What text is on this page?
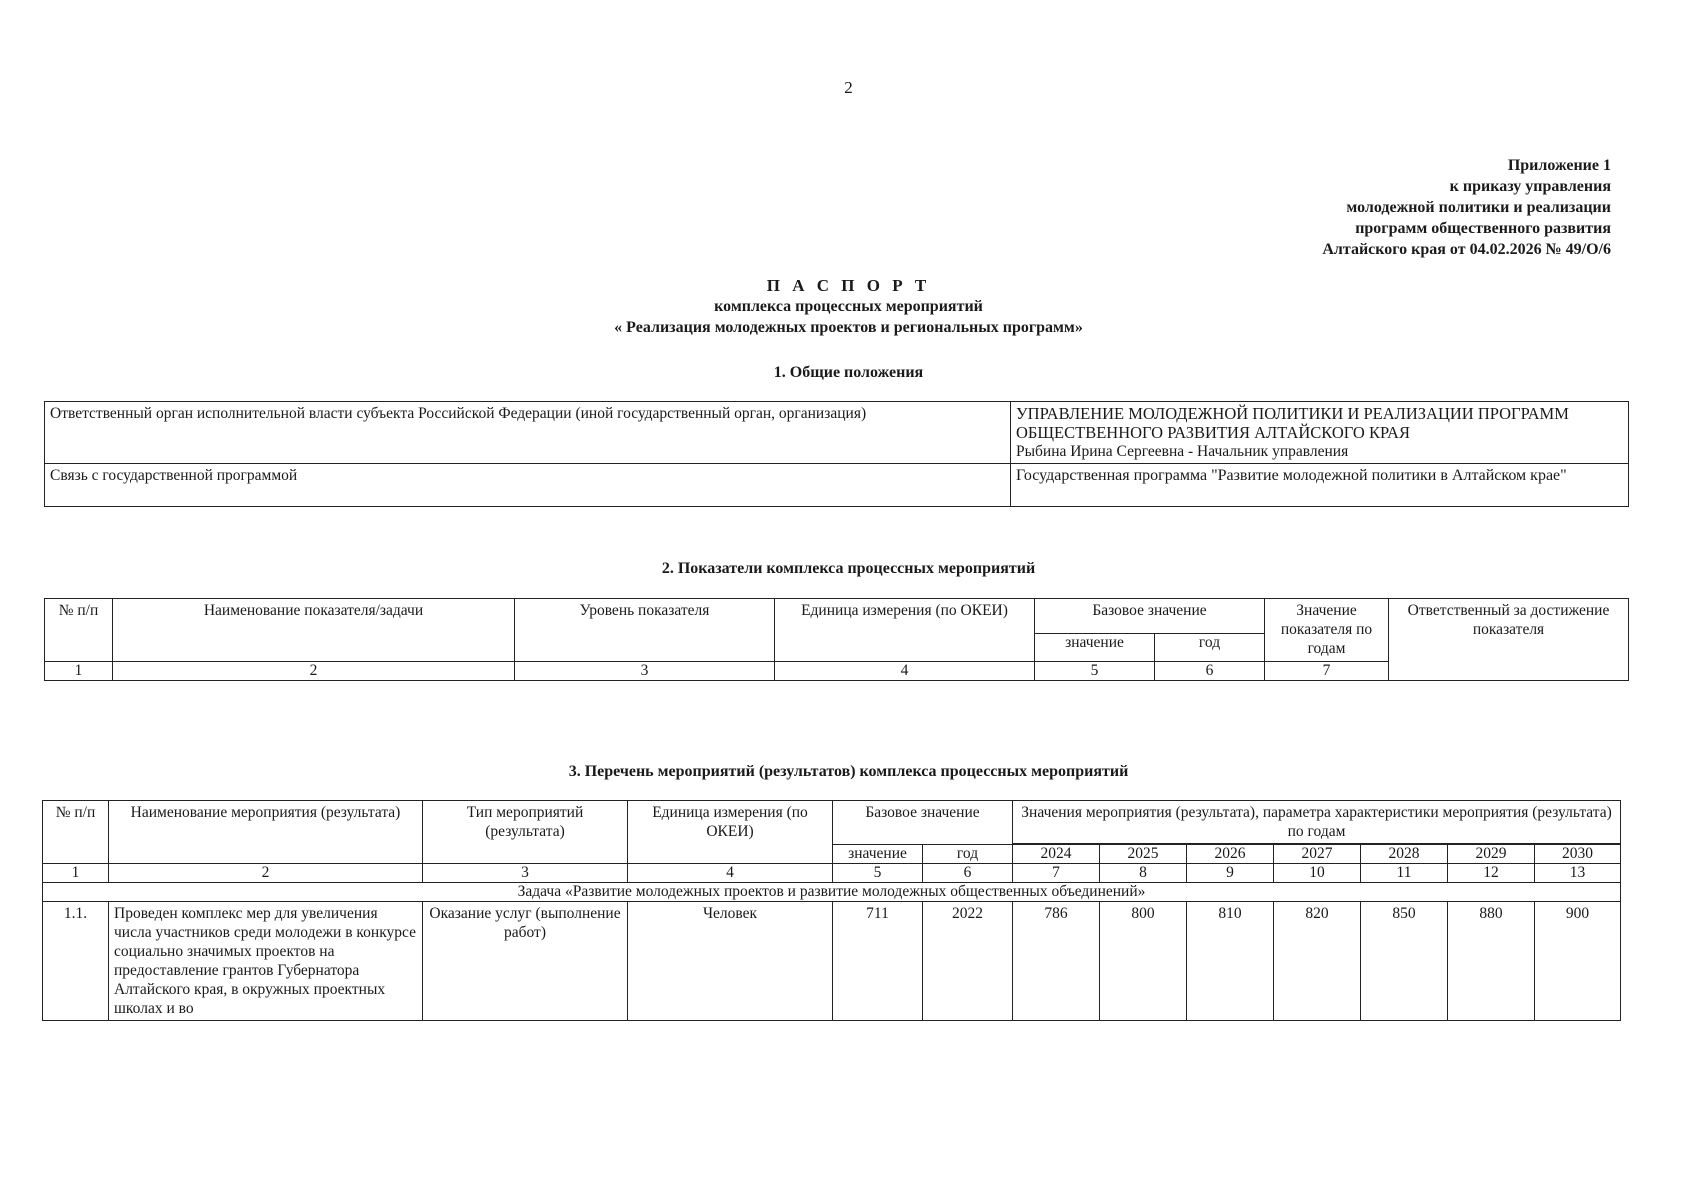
2
Приложение 1
к приказу управления
молодежной политики и реализации
программ общественного развития
Алтайского края от 04.02.2026 № 49/О/6
П А С П О Р Т
комплекса процессных мероприятий
« Реализация молодежных проектов и региональных программ»
1. Общие положения
Ответственный орган исполнительной власти субъекта Российской Федерации (иной государственный орган, организация)	УПРАВЛЕНИЕ МОЛОДЕЖНОЙ ПОЛИТИКИ И РЕАЛИЗАЦИИ ПРОГРАММ ОБЩЕСТВЕННОГО РАЗВИТИЯ АЛТАЙСКОГО КРАЯ
Рыбина Ирина Сергеевна - Начальник управления

Связь с государственной программой	Государственная программа "Развитие молодежной политики в Алтайском крае"
2. Показатели комплекса процессных мероприятий
№ п/п	Наименование показателя/задачи	Уровень показателя	Единица измерения (по ОКЕИ)	Базовое значение		Значение показателя по годам	Ответственный за достижение показателя
				значение	год		
1	2	3	4	5	6	7	
3. Перечень мероприятий (результатов) комплекса процессных мероприятий
№ п/п	Наименование мероприятия (результата)	Тип мероприятий (результата)	Единица измерения (по ОКЕИ)	Базовое значение		Значения мероприятия (результата), параметра характеристики мероприятия (результата) по годам						

				значение	год	2024	2025	2026	2027	2028	2029	2030
1	2	3	4	5	6	7	8	9	10	11	12	13
Задача «Развитие молодежных проектов и развитие молодежных общественных объединений»												
1.1.	Проведен комплекс мер для увеличения числа участников среди молодежи в конкурсе социально значимых проектов на предоставление грантов Губернатора Алтайского края, в окружных проектных школах и во	Оказание услуг (выполнение работ)	Человек	711	2022	786	800	810	820	850	880	900
